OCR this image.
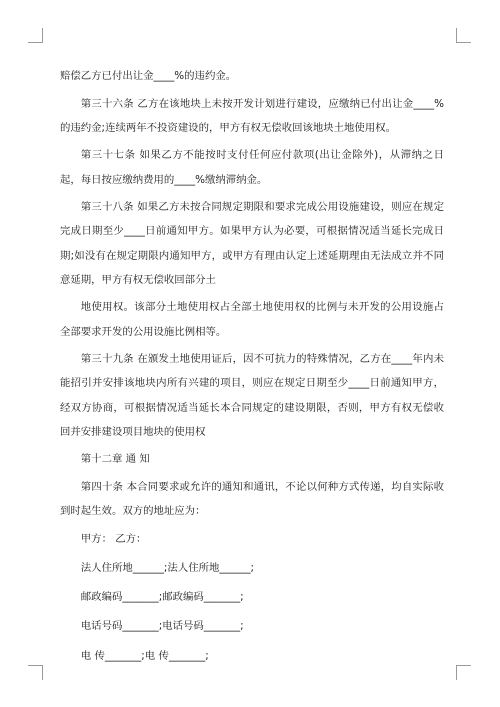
赔偿乙方已付出让金____%的违约金。

第三十六条 乙方在该地块上未按开发计划进行建设，应缴纳已付出让金____%的违约金;连续两年不投资建设的，甲方有权无偿收回该地块土地使用权。

第三十七条 如果乙方不能按时支付任何应付款项(出让金除外)，从滞纳之日起，每日按应缴纳费用的____%缴纳滞纳金。

第三十八条 如果乙方未按合同规定期限和要求完成公用设施建设，则应在规定完成日期至少____日前通知甲方。如果甲方认为必要，可根据情况适当延长完成日期;如没有在规定期限内通知甲方，或甲方有理由认定上述延期理由无法成立并不同意延期，甲方有权无偿收回部分土

地使用权。该部分土地使用权占全部土地使用权的比例与未开发的公用设施占全部要求开发的公用设施比例相等。

第三十九条 在颁发土地使用证后，因不可抗力的特殊情况，乙方在____年内未能招引并安排该地块内所有兴建的项目，则应在规定日期至少____日前通知甲方，经双方协商，可根据情况适当延长本合同规定的建设期限，否则，甲方有权无偿收回并安排建设项目地块的使用权

第十二章 通 知

第四十条 本合同要求或允许的通知和通讯，不论以何种方式传递，均自实际收到时起生效。双方的地址应为：

甲方： 乙方：

法人住所地______;法人住所地______;

邮政编码_______;邮政编码_______;

电话号码_______;电话号码_______;

电 传_______;电 传_______;
